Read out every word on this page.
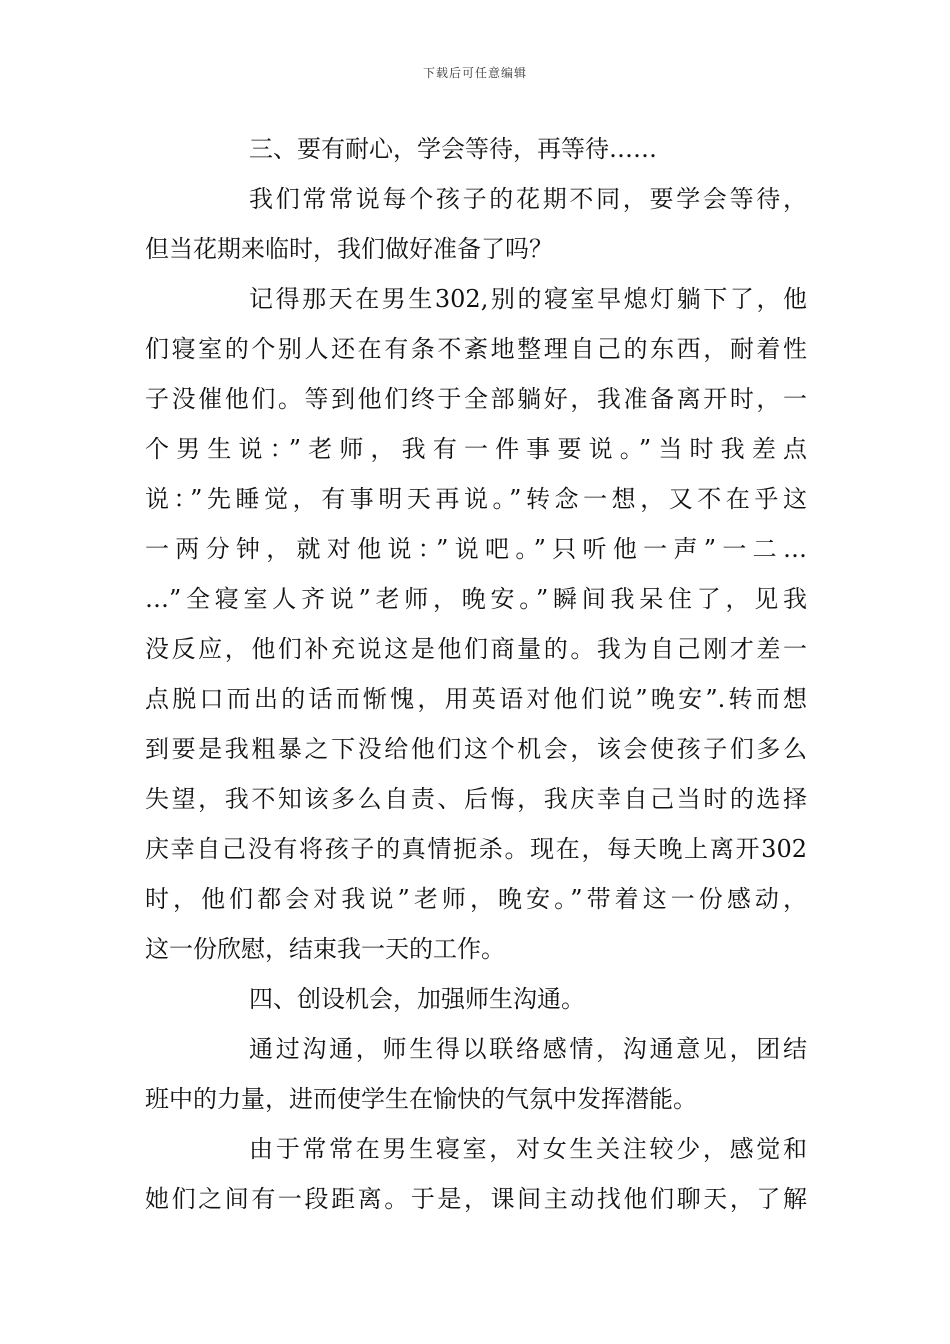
下载后可任意编辑
三、要有耐心，学会等待，再等待……
我们常常说每个孩子的花期不同，要学会等待，
但当花期来临时，我们做好准备了吗？
记得那天在男生302,别的寝室早熄灯躺下了，他
们寝室的个别人还在有条不紊地整理自己的东西，耐着性
子没催他们。等到他们终于全部躺好，我准备离开时，一
个男生说：”老师，我有一件事要说。”当时我差点
说：”先睡觉，有事明天再说。”转念一想，又不在乎这
一两分钟，就对他说：”说吧。”只听他一声”一二…
…”全寝室人齐说”老师，晚安。”瞬间我呆住了，见我
没反应，他们补充说这是他们商量的。我为自己刚才差一
点脱口而出的话而惭愧，用英语对他们说”晚安”.转而想
到要是我粗暴之下没给他们这个机会，该会使孩子们多么
失望，我不知该多么自责、后悔，我庆幸自己当时的选择
庆幸自己没有将孩子的真情扼杀。现在，每天晚上离开302
时，他们都会对我说”老师，晚安。”带着这一份感动，
这一份欣慰，结束我一天的工作。
四、创设机会，加强师生沟通。
通过沟通，师生得以联络感情，沟通意见，团结
班中的力量，进而使学生在愉快的气氛中发挥潜能。
由于常常在男生寝室，对女生关注较少，感觉和
她们之间有一段距离。于是，课间主动找他们聊天，了解
